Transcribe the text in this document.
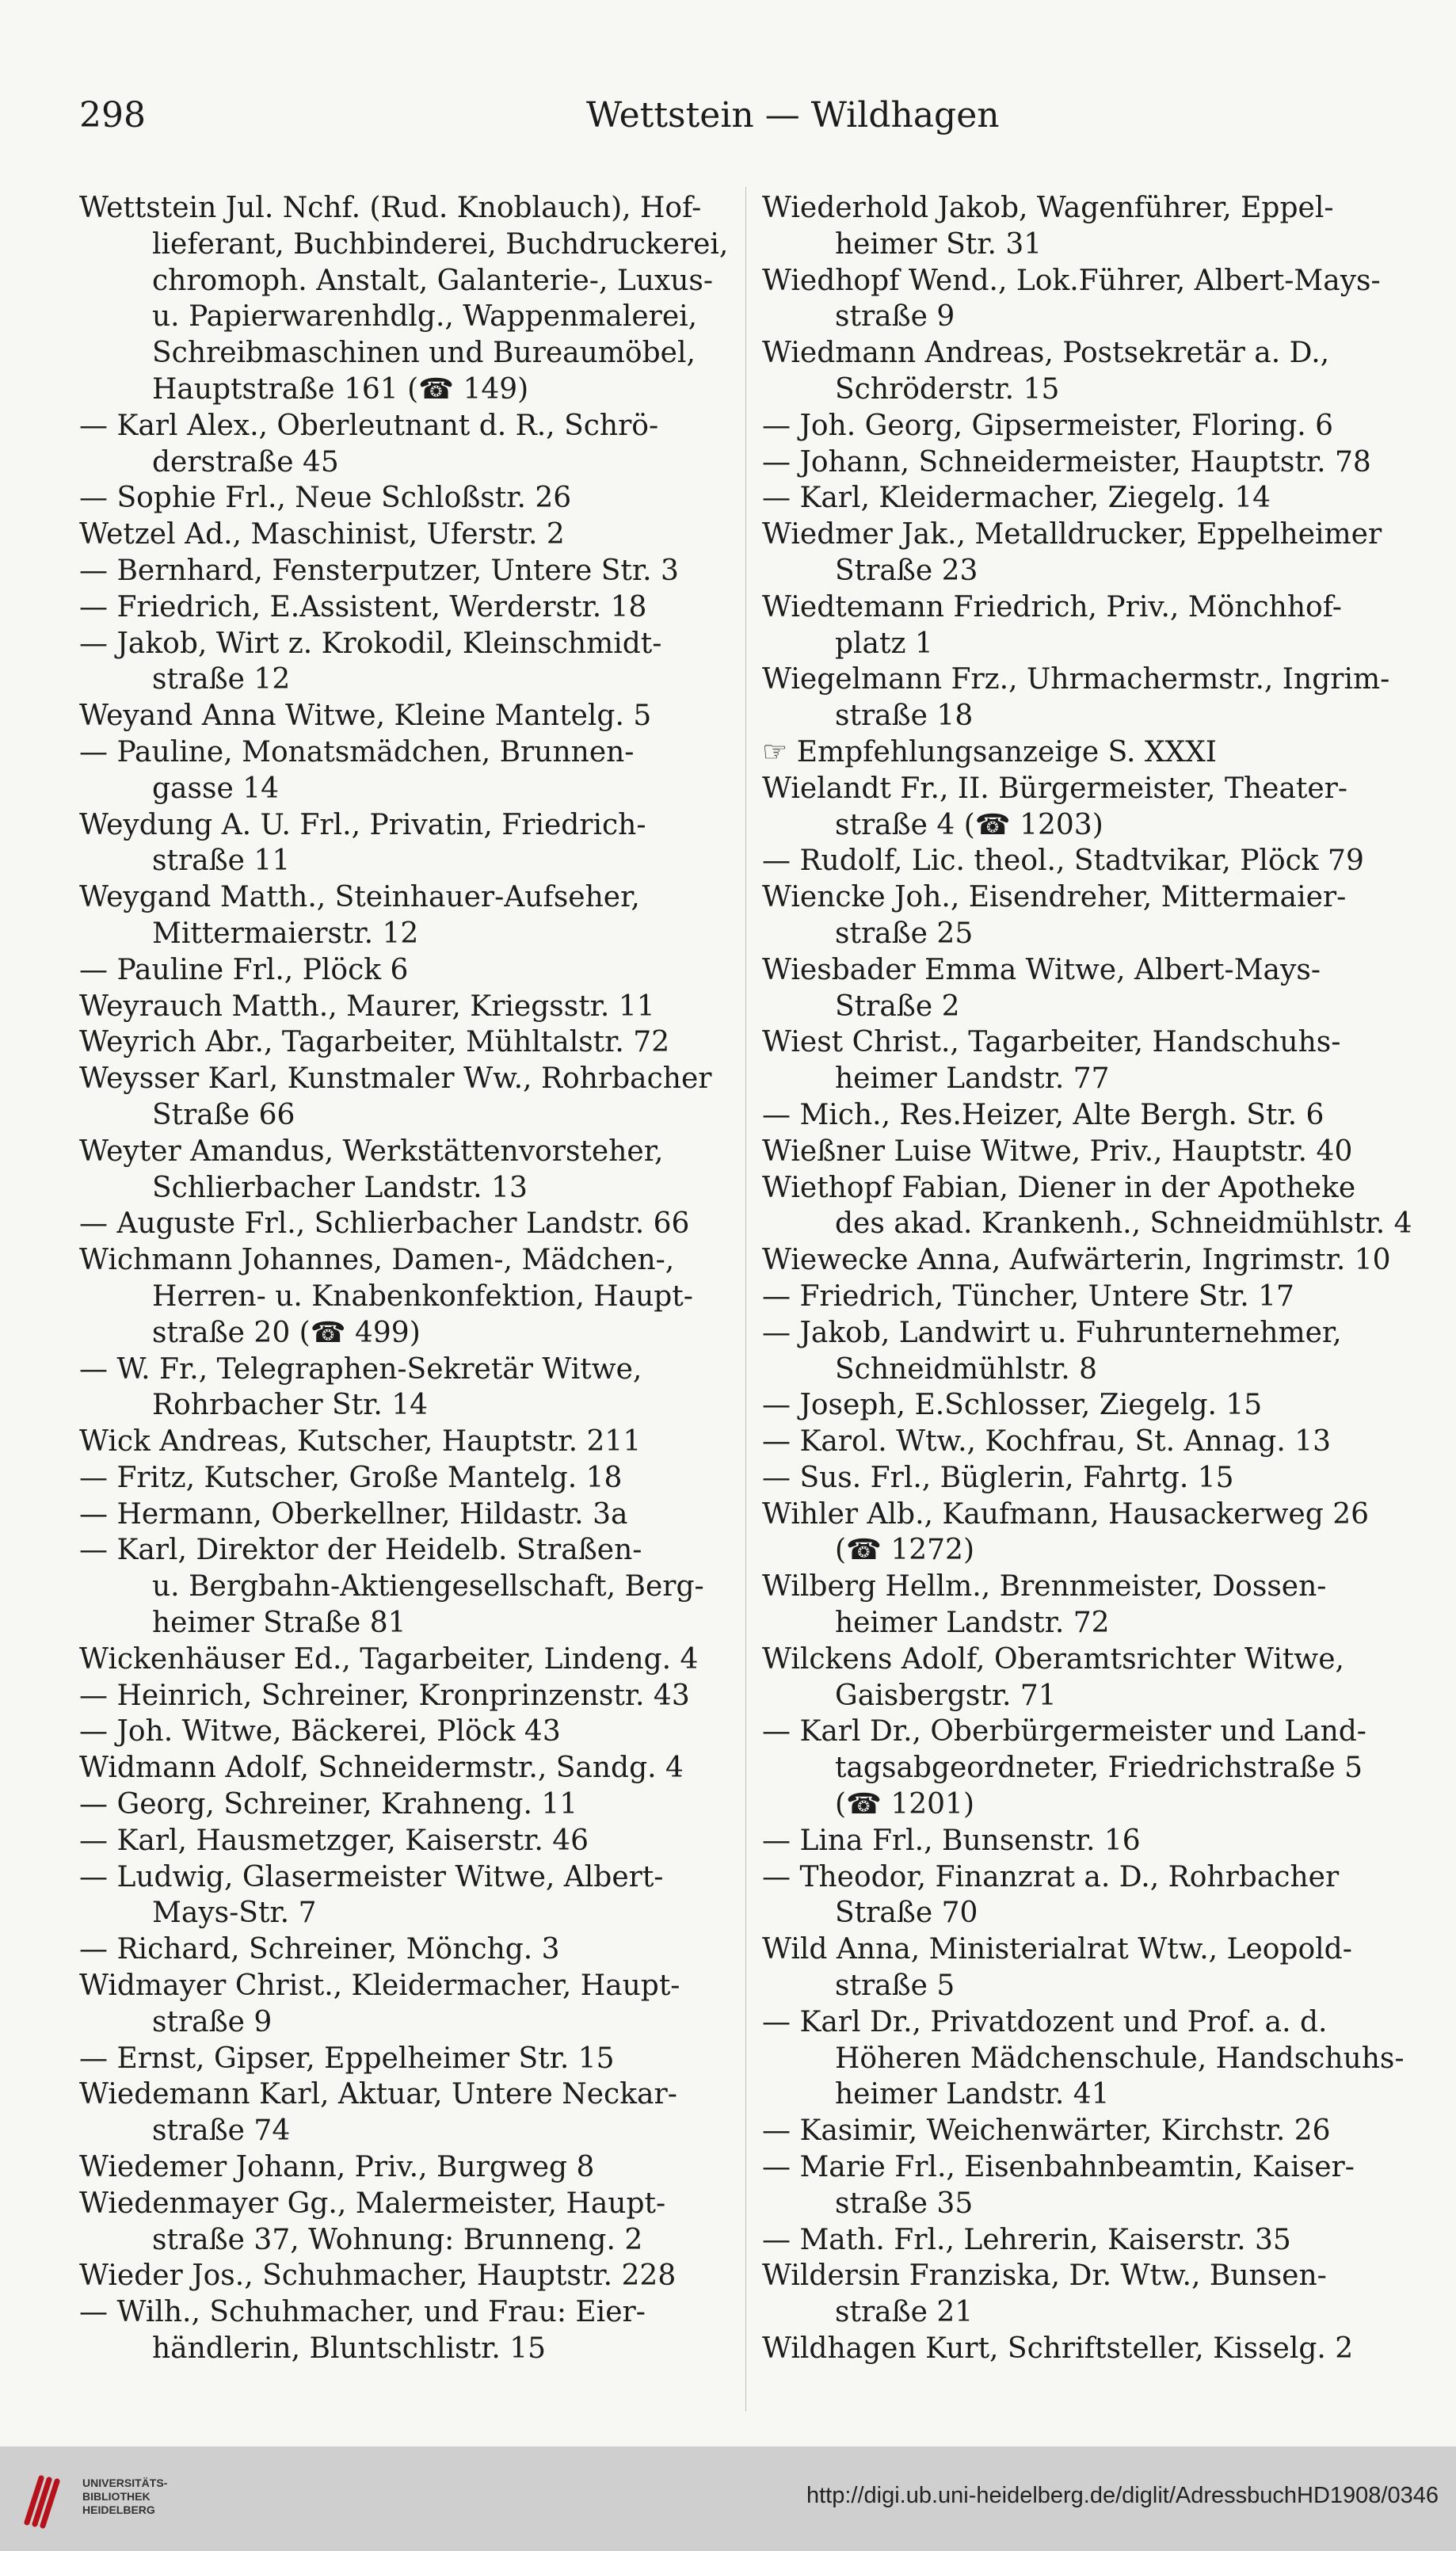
298	Wettstein — Wildhagen
Wettstein Jul. Nchf. (Rud. Knoblauch), Hof-
lieferant, Buchbinderei, Buchdruckerei,
chromoph. Anstalt, Galanterie-, Luxus-
u. Papierwarenhdlg., Wappenmalerei,
Schreibmaschinen und Bureaumöbel,
Hauptstraße 161 (☎ 149)
— Karl Alex., Oberleutnant d. R., Schrö-
derstraße 45
— Sophie Frl., Neue Schloßstr. 26
Wetzel Ad., Maschinist, Uferstr. 2
— Bernhard, Fensterputzer, Untere Str. 3
— Friedrich, E.Assistent, Werderstr. 18
— Jakob, Wirt z. Krokodil, Kleinschmidt-
straße 12
Weyand Anna Witwe, Kleine Mantelg. 5
— Pauline, Monatsmädchen, Brunnen-
gasse 14
Weydung A. U. Frl., Privatin, Friedrich-
straße 11
Weygand Matth., Steinhauer-Aufseher,
Mittermaierstr. 12
— Pauline Frl., Plöck 6
Weyrauch Matth., Maurer, Kriegsstr. 11
Weyrich Abr., Tagarbeiter, Mühltalstr. 72
Weysser Karl, Kunstmaler Ww., Rohrbacher
Straße 66
Weyter Amandus, Werkstättenvorsteher,
Schlierbacher Landstr. 13
— Auguste Frl., Schlierbacher Landstr. 66
Wichmann Johannes, Damen-, Mädchen-,
Herren- u. Knabenkonfektion, Haupt-
straße 20 (☎ 499)
— W. Fr., Telegraphen-Sekretär Witwe,
Rohrbacher Str. 14
Wick Andreas, Kutscher, Hauptstr. 211
— Fritz, Kutscher, Große Mantelg. 18
— Hermann, Oberkellner, Hildastr. 3a
— Karl, Direktor der Heidelb. Straßen-
u. Bergbahn-Aktiengesellschaft, Berg-
heimer Straße 81
Wickenhäuser Ed., Tagarbeiter, Lindeng. 4
— Heinrich, Schreiner, Kronprinzenstr. 43
— Joh. Witwe, Bäckerei, Plöck 43
Widmann Adolf, Schneidermstr., Sandg. 4
— Georg, Schreiner, Krahneng. 11
— Karl, Hausmetzger, Kaiserstr. 46
— Ludwig, Glasermeister Witwe, Albert-
Mays-Str. 7
— Richard, Schreiner, Mönchg. 3
Widmayer Christ., Kleidermacher, Haupt-
straße 9
— Ernst, Gipser, Eppelheimer Str. 15
Wiedemann Karl, Aktuar, Untere Neckar-
straße 74
Wiedemer Johann, Priv., Burgweg 8
Wiedenmayer Gg., Malermeister, Haupt-
straße 37, Wohnung: Brunneng. 2
Wieder Jos., Schuhmacher, Hauptstr. 228
— Wilh., Schuhmacher, und Frau: Eier-
händlerin, Bluntschlistr. 15
Wiederhold Jakob, Wagenführer, Eppel-
heimer Str. 31
Wiedhopf Wend., Lok.Führer, Albert-Mays-
straße 9
Wiedmann Andreas, Postsekretär a. D.,
Schröderstr. 15
— Joh. Georg, Gipsermeister, Floring. 6
— Johann, Schneidermeister, Hauptstr. 78
— Karl, Kleidermacher, Ziegelg. 14
Wiedmer Jak., Metalldrucker, Eppelheimer
Straße 23
Wiedtemann Friedrich, Priv., Mönchhof-
platz 1
Wiegelmann Frz., Uhrmachermstr., Ingrim-
straße 18
☞ Empfehlungsanzeige S. XXXI
Wielandt Fr., II. Bürgermeister, Theater-
straße 4 (☎ 1203)
— Rudolf, Lic. theol., Stadtvikar, Plöck 79
Wiencke Joh., Eisendreher, Mittermaier-
straße 25
Wiesbader Emma Witwe, Albert-Mays-
Straße 2
Wiest Christ., Tagarbeiter, Handschuhs-
heimer Landstr. 77
— Mich., Res.Heizer, Alte Bergh. Str. 6
Wießner Luise Witwe, Priv., Hauptstr. 40
Wiethopf Fabian, Diener in der Apotheke
des akad. Krankenh., Schneidmühlstr. 4
Wiewecke Anna, Aufwärterin, Ingrimstr. 10
— Friedrich, Tüncher, Untere Str. 17
— Jakob, Landwirt u. Fuhrunternehmer,
Schneidmühlstr. 8
— Joseph, E.Schlosser, Ziegelg. 15
— Karol. Wtw., Kochfrau, St. Annag. 13
— Sus. Frl., Büglerin, Fahrtg. 15
Wihler Alb., Kaufmann, Hausackerweg 26
(☎ 1272)
Wilberg Hellm., Brennmeister, Dossen-
heimer Landstr. 72
Wilckens Adolf, Oberamtsrichter Witwe,
Gaisbergstr. 71
— Karl Dr., Oberbürgermeister und Land-
tagsabgeordneter, Friedrichstraße 5
(☎ 1201)
— Lina Frl., Bunsenstr. 16
— Theodor, Finanzrat a. D., Rohrbacher
Straße 70
Wild Anna, Ministerialrat Wtw., Leopold-
straße 5
— Karl Dr., Privatdozent und Prof. a. d.
Höheren Mädchenschule, Handschuhs-
heimer Landstr. 41
— Kasimir, Weichenwärter, Kirchstr. 26
— Marie Frl., Eisenbahnbeamtin, Kaiser-
straße 35
— Math. Frl., Lehrerin, Kaiserstr. 35
Wildersin Franziska, Dr. Wtw., Bunsen-
straße 21
Wildhagen Kurt, Schriftsteller, Kisselg. 2
UNIVERSITÄTS-
BIBLIOTHEK
HEIDELBERG
http://digi.ub.uni-heidelberg.de/diglit/AdressbuchHD1908/0346
